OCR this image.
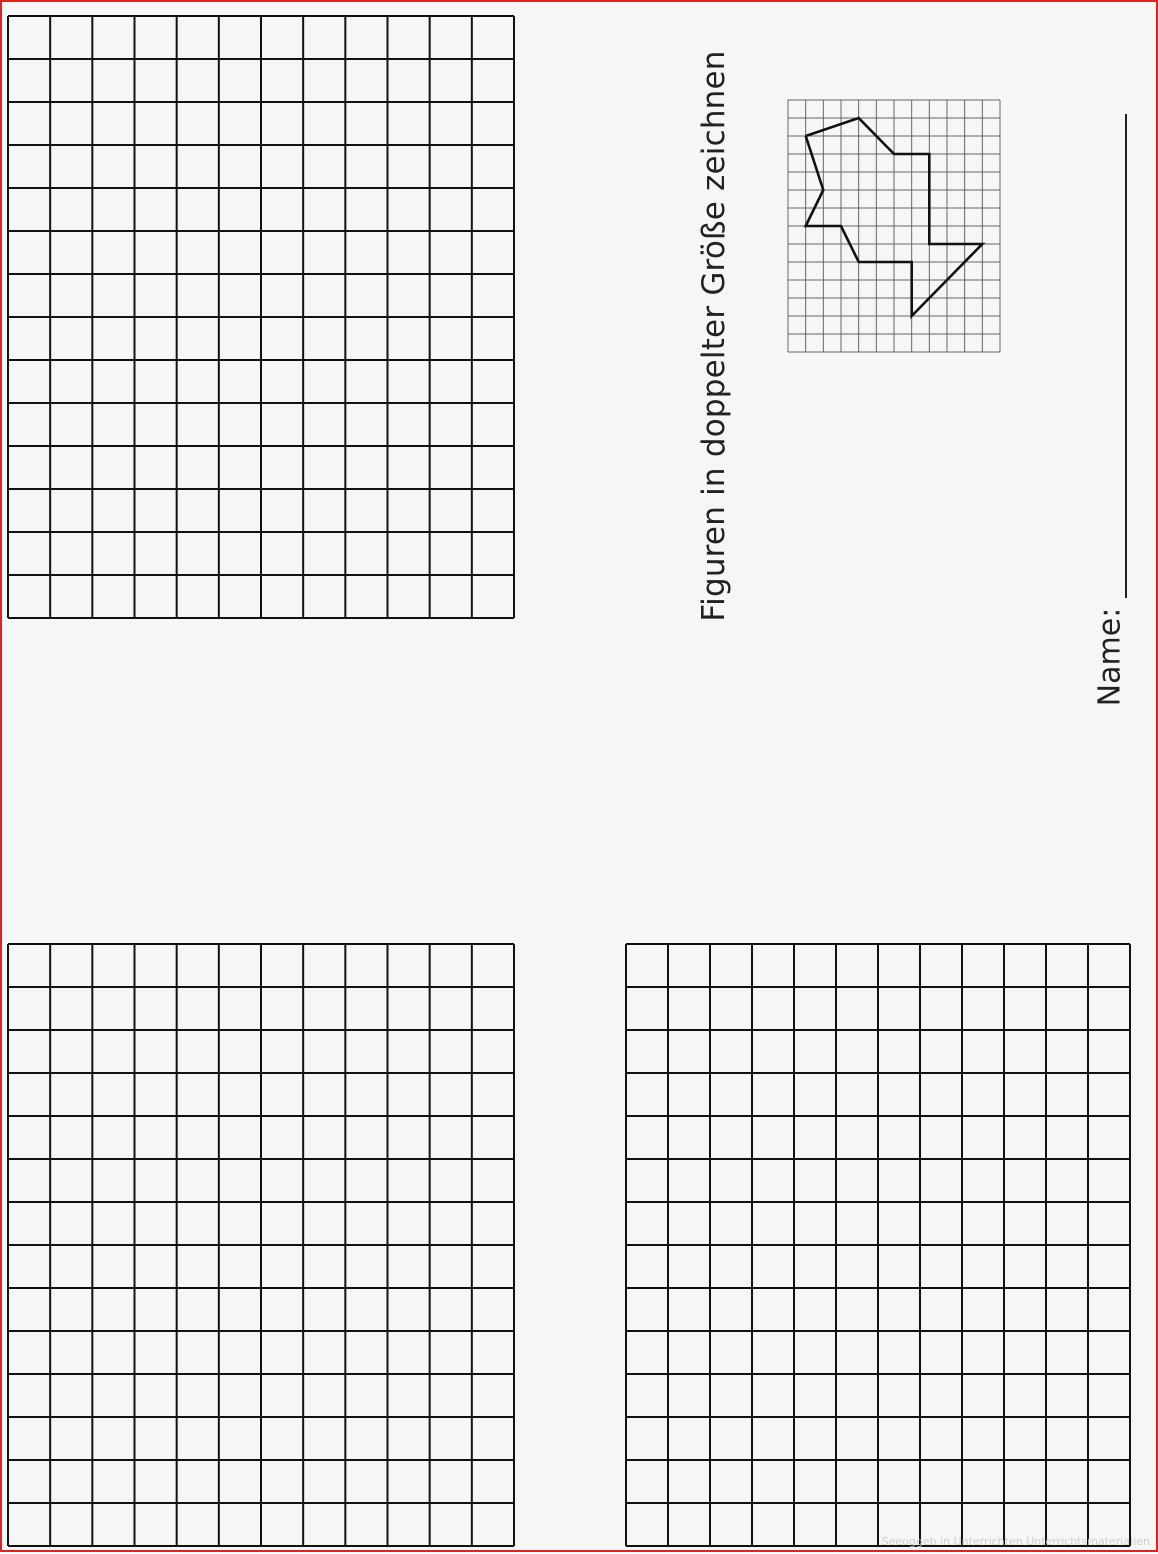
Figuren in doppelter Größe zeichnen
Name:
Seeoggeb in Unterrichten Unterrichtsmaterialien
